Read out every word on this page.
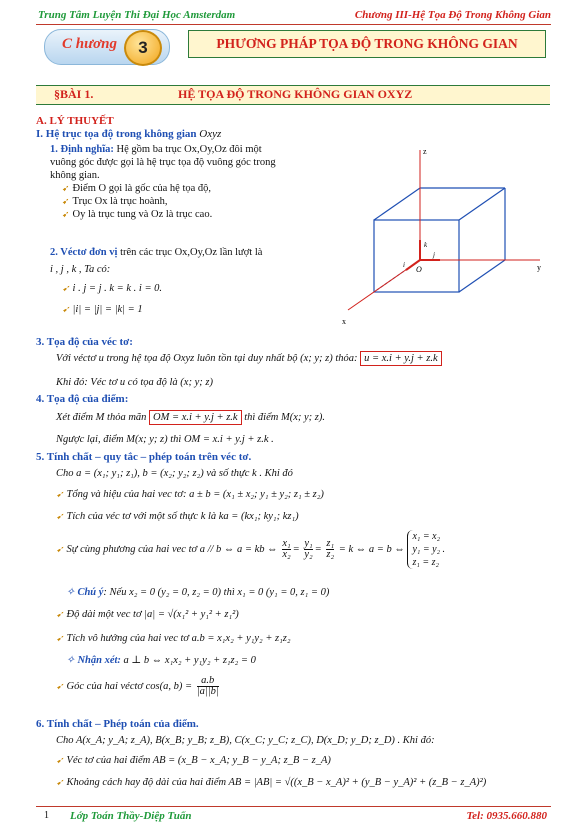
Trung Tâm Luyện Thi Đại Học Amsterdam	Chương III-Hệ Tọa Độ Trong Không Gian
C hương	3	PHƯƠNG PHÁP TỌA ĐỘ TRONG KHÔNG GIAN
§BÀI 1.	HỆ TỌA ĐỘ TRONG KHÔNG GIAN OXYZ
A. LÝ THUYẾT
I. Hệ trục tọa độ trong không gian Oxyz
1. Định nghĩa: Hệ gồm ba trục Ox,Oy,Oz đôi một
vuông góc được gọi là hệ trục tọa độ vuông góc trong
không gian.
➹ Điểm O gọi là gốc của hệ tọa độ,
➹ Trục Ox là trục hoành,
➹ Oy là trục tung và Oz là trục cao.
2. Véctơ đơn vị trên các trục Ox,Oy,Oz lần lượt là
i , j , k , Ta có:
➹ i . j = j . k = k . i = 0.
➹ |i| = |j| = |k| = 1
z
y
x
O
k
j
i
3. Tọa độ của véc tơ:
Với véctơ u trong hệ tọa độ Oxyz luôn tồn tại duy nhất bộ (x; y; z) thỏa: u = x.i + y.j + z.k
Khi đó: Véc tơ u có tọa độ là (x; y; z)
4. Tọa độ của điểm:
Xét điểm M thỏa mãn OM = x.i + y.j + z.k thì điểm M(x; y; z).
Ngược lại, điểm M(x; y; z) thì OM = x.i + y.j + z.k .
5. Tính chất – quy tắc – phép toán trên véc tơ.
Cho a = (x₁; y₁; z₁), b = (x₂; y₂; z₂) và số thực k . Khi đó
➹ Tổng và hiệu của hai vec tơ: a ± b = (x₁ ± x₂; y₁ ± y₂; z₁ ± z₂)
➹ Tích của véc tơ với một số thực k là ka = (kx₁; ky₁; kz₁)
➹ Sự cùng phương của hai vec tơ a // b ⇔ a = kb ⇔ $\frac{\text{x₁}}{\text{x₂}} = \frac{\text{y₁}}{\text{y₂}} = \frac{\text{z₁}}{\text{z₂}} = k$ ⇔ a = b ⇔
x₁ = x₂
y₁ = y₂ .
z₁ = z₂
✧ Chú ý: Nếu x₂ = 0 (y₂ = 0, z₂ = 0) thì x₁ = 0 (y₁ = 0, z₁ = 0)
➹ Độ dài một vec tơ |a| = √(x₁² + y₁² + z₁²)
➹ Tích vô hướng của hai vec tơ a.b = x₁x₂ + y₁y₂ + z₁z₂
✧ Nhận xét: a ⊥ b ⇔ x₁x₂ + y₁y₂ + z₁z₂ = 0
➹ Góc của hai véctơ cos(a, $b) = \frac{a.b}{|a||b|}$
6. Tính chất – Phép toán của điểm.
Cho A(x_A; y_A; z_A), B(x_B; y_B; z_B), C(x_C; y_C; z_C), D(x_D; y_D; z_D) . Khi đó:
➹ Véc tơ của hai điểm AB = (x_B − x_A; y_B − y_A; z_B − z_A)
➹ Khoảng cách hay độ dài của hai điểm AB = |AB| = √((x_B − x_A)² + (y_B − y_A)² + (z_B − z_A)²)
1 Lớp Toán Thầy-Diệp Tuấn	Tel: 0935.660.880
